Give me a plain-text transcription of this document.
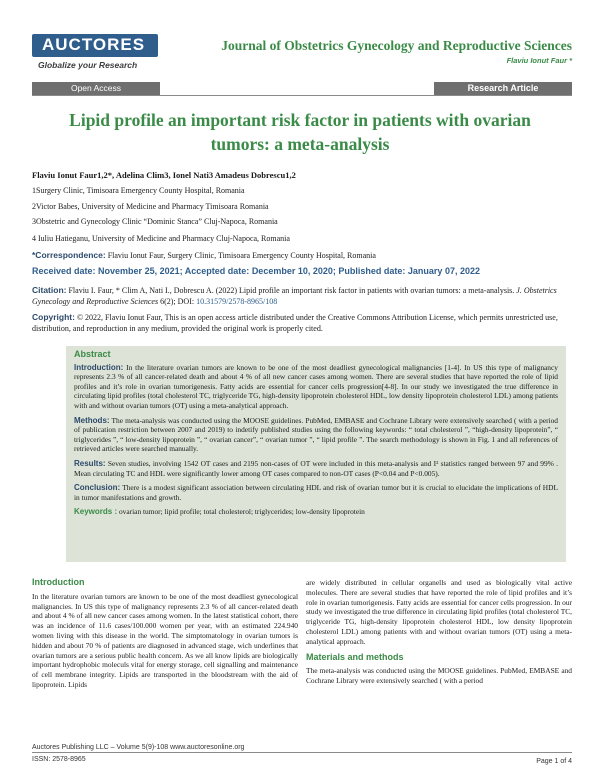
AUCTORES
Globalize your Research
Journal of Obstetrics Gynecology and Reproductive Sciences
Flaviu Ionut Faur *
Open Access	Research Article
Lipid profile an important risk factor in patients with ovarian tumors: a meta-analysis
Flaviu Ionut Faur1,2*, Adelina Clim3, Ionel Nati3 Amadeus Dobrescu1,2
1Surgery Clinic, Timisoara Emergency County Hospital, Romania
2Victor Babes, University of Medicine and Pharmacy Timisoara Romania
3Obstetric and Gynecology Clinic “Dominic Stanca” Cluj-Napoca, Romania
4 Iuliu Hatieganu, University of Medicine and Pharmacy Cluj-Napoca, Romania
*Correspondence: Flaviu Ionut Faur, Surgery Clinic, Timisoara Emergency County Hospital, Romania
Received date: November 25, 2021; Accepted date: December 10, 2020; Published date: January 07, 2022
Citation: Flaviu I. Faur, * Clim A, Nati I., Dobrescu A. (2022) Lipid profile an important risk factor in patients with ovarian tumors: a meta-analysis. J. Obstetrics Gynecology and Reproductive Sciences 6(2); DOI: 10.31579/2578-8965/108
Copyright: © 2022, Flaviu Ionut Faur, This is an open access article distributed under the Creative Commons Attribution License, which permits unrestricted use, distribution, and reproduction in any medium, provided the original work is properly cited.
Abstract

Introduction: In the literature ovarian tumors are known to be one of the most deadliest gynecological malignancies [1-4]. In US this type of malignancy represents 2.3 % of all cancer-related death and about 4 % of all new cancer cases among women. There are several studies that have reported the role of lipid profiles and it’s role in ovarian tumorigenesis. Fatty acids are essential for cancer cells progression[4-8]. In our study we investigated the true difference in circulating lipid profiles (total cholesterol TC, triglyceride TG, high-density lipoprotein cholesterol HDL, low density lipoprotein cholesterol LDL) among patients with and without ovarian tumors (OT) using a meta-analytical approach.

Methods: The meta-analysis was conducted using the MOOSE guidelines. PubMed, EMBASE and Cochrane Library were extensively searched ( with a period of publication restriction between 2007 and 2019) to indetify published studies using the following keywords: “ total cholesterol ”, “high-density lipoprotein”, “ triglycerides ”, “ low-density lipoprotein ”, “ ovarian cancer”, “ ovarian tumor ”, “ lipid profile ”. The search methodology is shown in Fig. 1 and all references of retrieved articles were searched manually.

Results: Seven studies, involving 1542 OT cases and 2195 non-cases of OT were included in this meta-analysis and I² statistics ranged between 97 and 99% . Mean circulating TC and HDL were significantly lower among OT cases compared to non-OT cases (P<0.04 and P<0.005).

Conclusion: There is a modest significant association between circulating HDL and risk of ovarian tumor but it is crucial to elucidate the implications of HDL in tumor manifestations and growth.

Keywords : ovarian tumor; lipid profile; total cholesterol; triglycerides; low-density lipoprotein

Introduction

In the literature ovarian tumors are known to be one of the most deadliest gynecological malignancies. In US this type of malignancy represents 2.3 % of all cancer-related death and about 4 % of all new cancer cases among women. In the latest statistical cohort, there was an incidence of 11.6 cases/100.000 women per year, with an estimated 224.940 women living with this disease in the world. The simptomatology in ovarian tumors is hidden and about 70 % of patients are diagnosed in advanced stage, wich underlines that ovarian tumors are a serious public health concern. As we all know lipids are biologically important hydrophobic moleculs vital for energy storage, cell signalling and maintenance of cell membrane integrity. Lipids are transported in the bloodstream with the aid of lipoprotein. Lipids

are widely distributed in cellular organells and used as biologically vital active molecules. There are several studies that have reported the role of lipid profiles and it’s role in ovarian tumorigenesis. Fatty acids are essential for cancer cells progression. In our study we investigated the true difference in circulating lipid profiles (total cholesterol TC, triglyceride TG, high-density lipoprotein cholesterol HDL, low density lipoprotein cholesterol LDL) among patients with and without ovarian tumors (OT) using a meta-analytical approach.

Materials and methods

The meta-analysis was conducted using the MOOSE guidelines. PubMed, EMBASE and Cochrane Library were extensively searched ( with a period

Auctores Publishing LLC – Volume 5(9)-108 www.auctoresonline.org
ISSN: 2578-8965	Page 1 of 4
